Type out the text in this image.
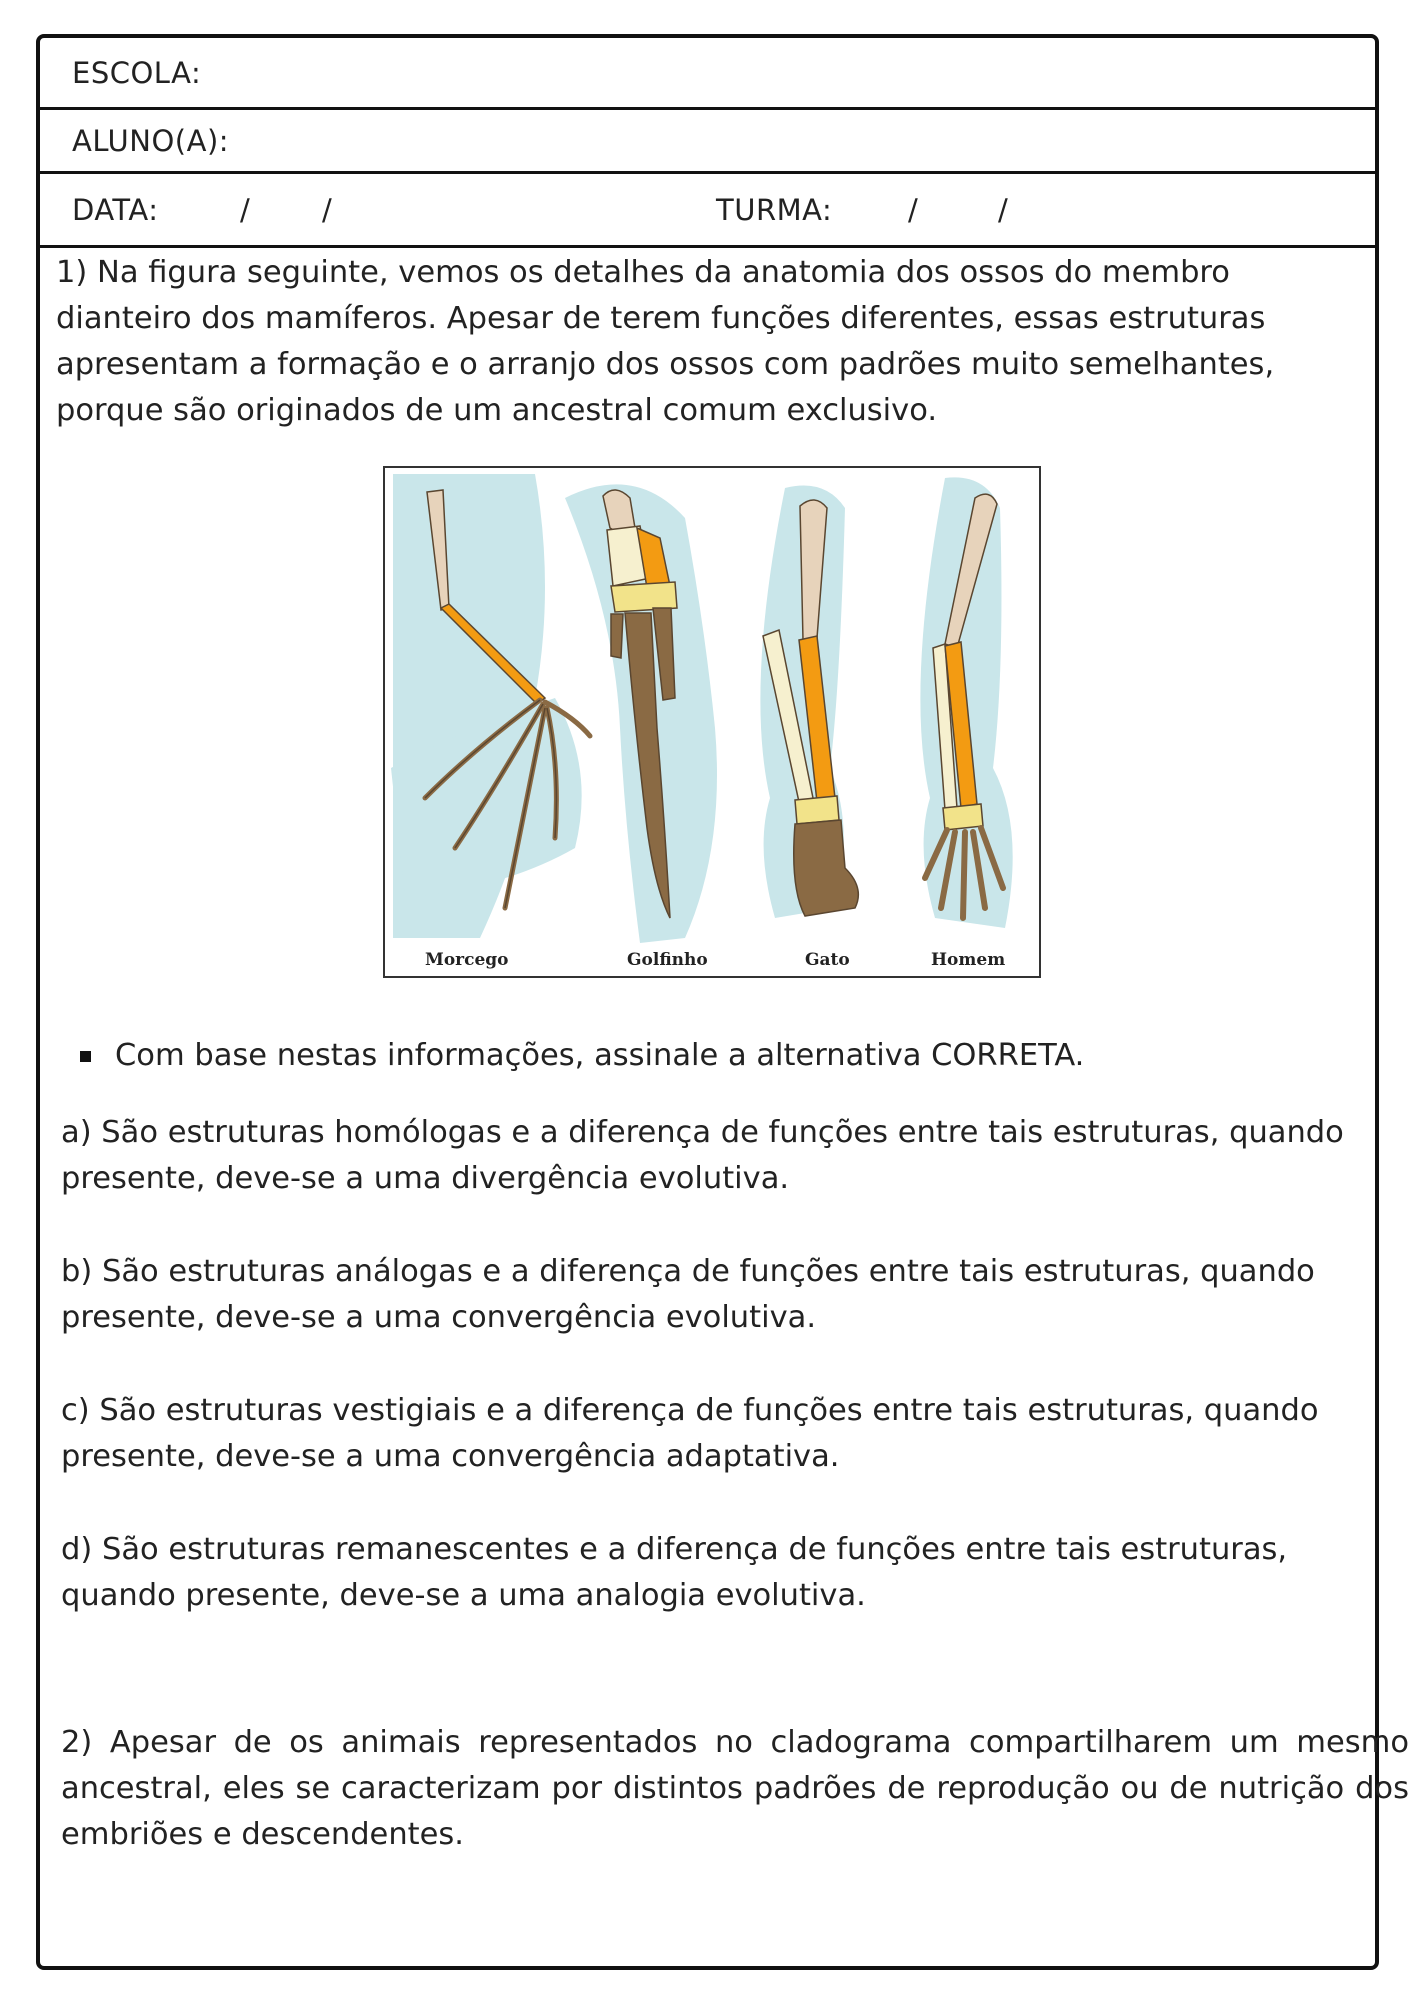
ESCOLA:
ALUNO(A):
DATA:	/ /	TURMA:	/	/
1) Na figura seguinte, vemos os detalhes da anatomia dos ossos do membro dianteiro dos mamíferos. Apesar de terem funções diferentes, essas estruturas apresentam a formação e o arranjo dos ossos com padrões muito semelhantes, porque são originados de um ancestral comum exclusivo.
Morcego	Golfinho	Gato	Homem
Com base nestas informações, assinale a alternativa CORRETA.
a) São estruturas homólogas e a diferença de funções entre tais estruturas, quando presente, deve-se a uma divergência evolutiva.
b) São estruturas análogas e a diferença de funções entre tais estruturas, quando presente, deve-se a uma convergência evolutiva.
c) São estruturas vestigiais e a diferença de funções entre tais estruturas, quando presente, deve-se a uma convergência adaptativa.
d) São estruturas remanescentes e a diferença de funções entre tais estruturas, quando presente, deve-se a uma analogia evolutiva.
2) Apesar de os animais representados no cladograma compartilharem um mesmo ancestral, eles se caracterizam por distintos padrões de reprodução ou de nutrição dos embriões e descendentes.
